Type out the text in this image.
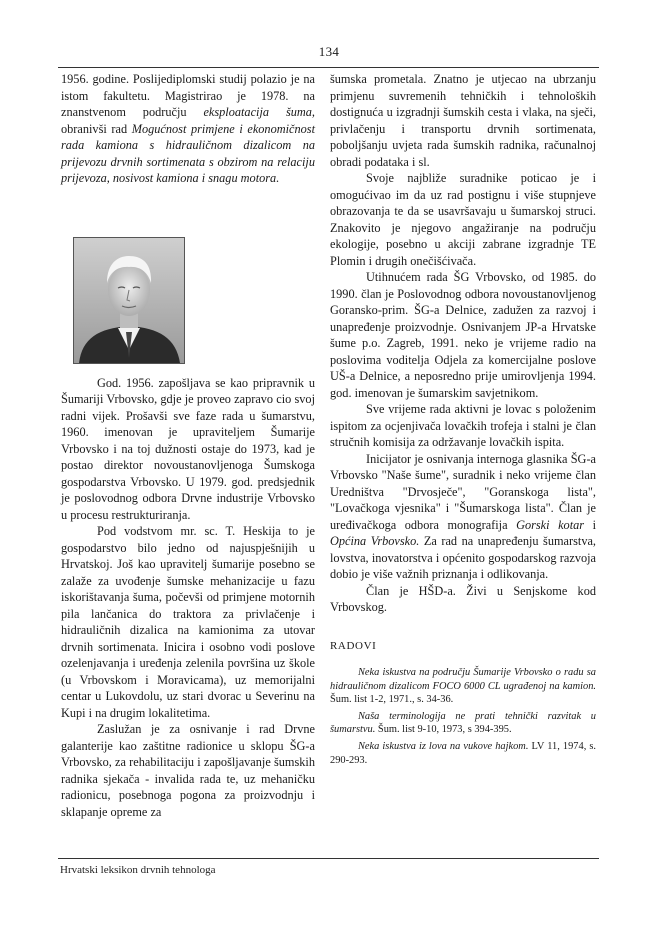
134

1956. godine. Poslijediplomski studij polazio je na istom fakultetu. Magistrirao je 1978. na znanstvenom području eksploatacija šuma, obranivši rad Mogućnost primjene i ekonomičnost rada kamiona s hidrauličnom dizalicom na prijevozu drvnih sortimenata s obzirom na relaciju prijevoza, nosivost kamiona i snagu motora.

God. 1956. zapošljava se kao pripravnik u Šumariji Vrbovsko, gdje je proveo zapravo cio svoj radni vijek. Prošavši sve faze rada u šumarstvu, 1960. imenovan je upraviteljem Šumarije Vrbovsko i na toj dužnosti ostaje do 1973, kad je postao direktor novoustanovljenoga Šumskoga gospodarstva Vrbovsko. U 1979. god. predsjednik je poslovodnog odbora Drvne industrije Vrbovsko u procesu restrukturiranja.

Pod vodstvom mr. sc. T. Heskija to je gospodarstvo bilo jedno od najuspješnijih u Hrvatskoj. Još kao upravitelj šumarije posebno se zalaže za uvođenje šumske mehanizacije u fazu iskorištavanja šuma, počevši od primjene motornih pila lančanica do traktora za privlačenje i hidrauličnih dizalica na kamionima za utovar drvnih sortimenata. Inicira i osobno vodi poslove ozelenjavanja i uređenja zelenila površina uz škole (u Vrbovskom i Moravicama), uz memorijalni centar u Lukovdolu, uz stari dvorac u Severinu na Kupi i na drugim lokalitetima.

Zaslužan je za osnivanje i rad Drvne galanterije kao zaštitne radionice u sklopu ŠG-a Vrbovsko, za rehabilitaciju i zapošljavanje šumskih radnika sjekača - invalida rada te, uz mehaničku radionicu, posebnoga pogona za proizvodnju i sklapanje opreme za

šumska prometala. Znatno je utjecao na ubrzanju primjenu suvremenih tehničkih i tehnoloških dostignuća u izgradnji šumskih cesta i vlaka, na sječi, privlačenju i transportu drvnih sortimenata, poboljšanju uvjeta rada šumskih radnika, računalnoj obradi podataka i sl.

Svoje najbliže suradnike poticao je i omogućivao im da uz rad postignu i više stupnjeve obrazovanja te da se usavršavaju u šumarskoj struci. Znakovito je njegovo angažiranje na području ekologije, posebno u akciji zabrane izgradnje TE Plomin i drugih onečišćivača.

Utihnućem rada ŠG Vrbovsko, od 1985. do 1990. član je Poslovodnog odbora novoustanovljenog Goransko-prim. ŠG-a Delnice, zadužen za razvoj i unapređenje proizvodnje. Osnivanjem JP-a Hrvatske šume p.o. Zagreb, 1991. neko je vrijeme radio na poslovima voditelja Odjela za komercijalne poslove UŠ-a Delnice, a neposredno prije umirovljenja 1994. god. imenovan je šumarskim savjetnikom.

Sve vrijeme rada aktivni je lovac s položenim ispitom za ocjenjivača lovačkih trofeja i stalni je član stručnih komisija za održavanje lovačkih ispita.

Inicijator je osnivanja internoga glasnika ŠG-a Vrbovsko "Naše šume", suradnik i neko vrijeme član Uredništva "Drvosječe", "Goranskoga lista", "Lovačkoga vjesnika" i "Šumarskoga lista". Član je uređivačkoga odbora monografija Gorski kotar i Općina Vrbovsko. Za rad na unapređenju šumarstva, lovstva, inovatorstva i općenito gospodarskog razvoja dobio je više važnih priznanja i odlikovanja.

Član je HŠD-a. Živi u Senjskome kod Vrbovskog.

RADOVI

Neka iskustva na području Šumarije Vrbovsko o radu sa hidrauličnom dizalicom FOCO 6000 CL ugrađenoj na kamion. Šum. list 1-2, 1971., s. 34-36.

Naša terminologija ne prati tehnički razvitak u šumarstvu. Šum. list 9-10, 1973, s 394-395.

Neka iskustva iz lova na vukove hajkom. LV 11, 1974, s. 290-293.

Hrvatski leksikon drvnih tehnologa
